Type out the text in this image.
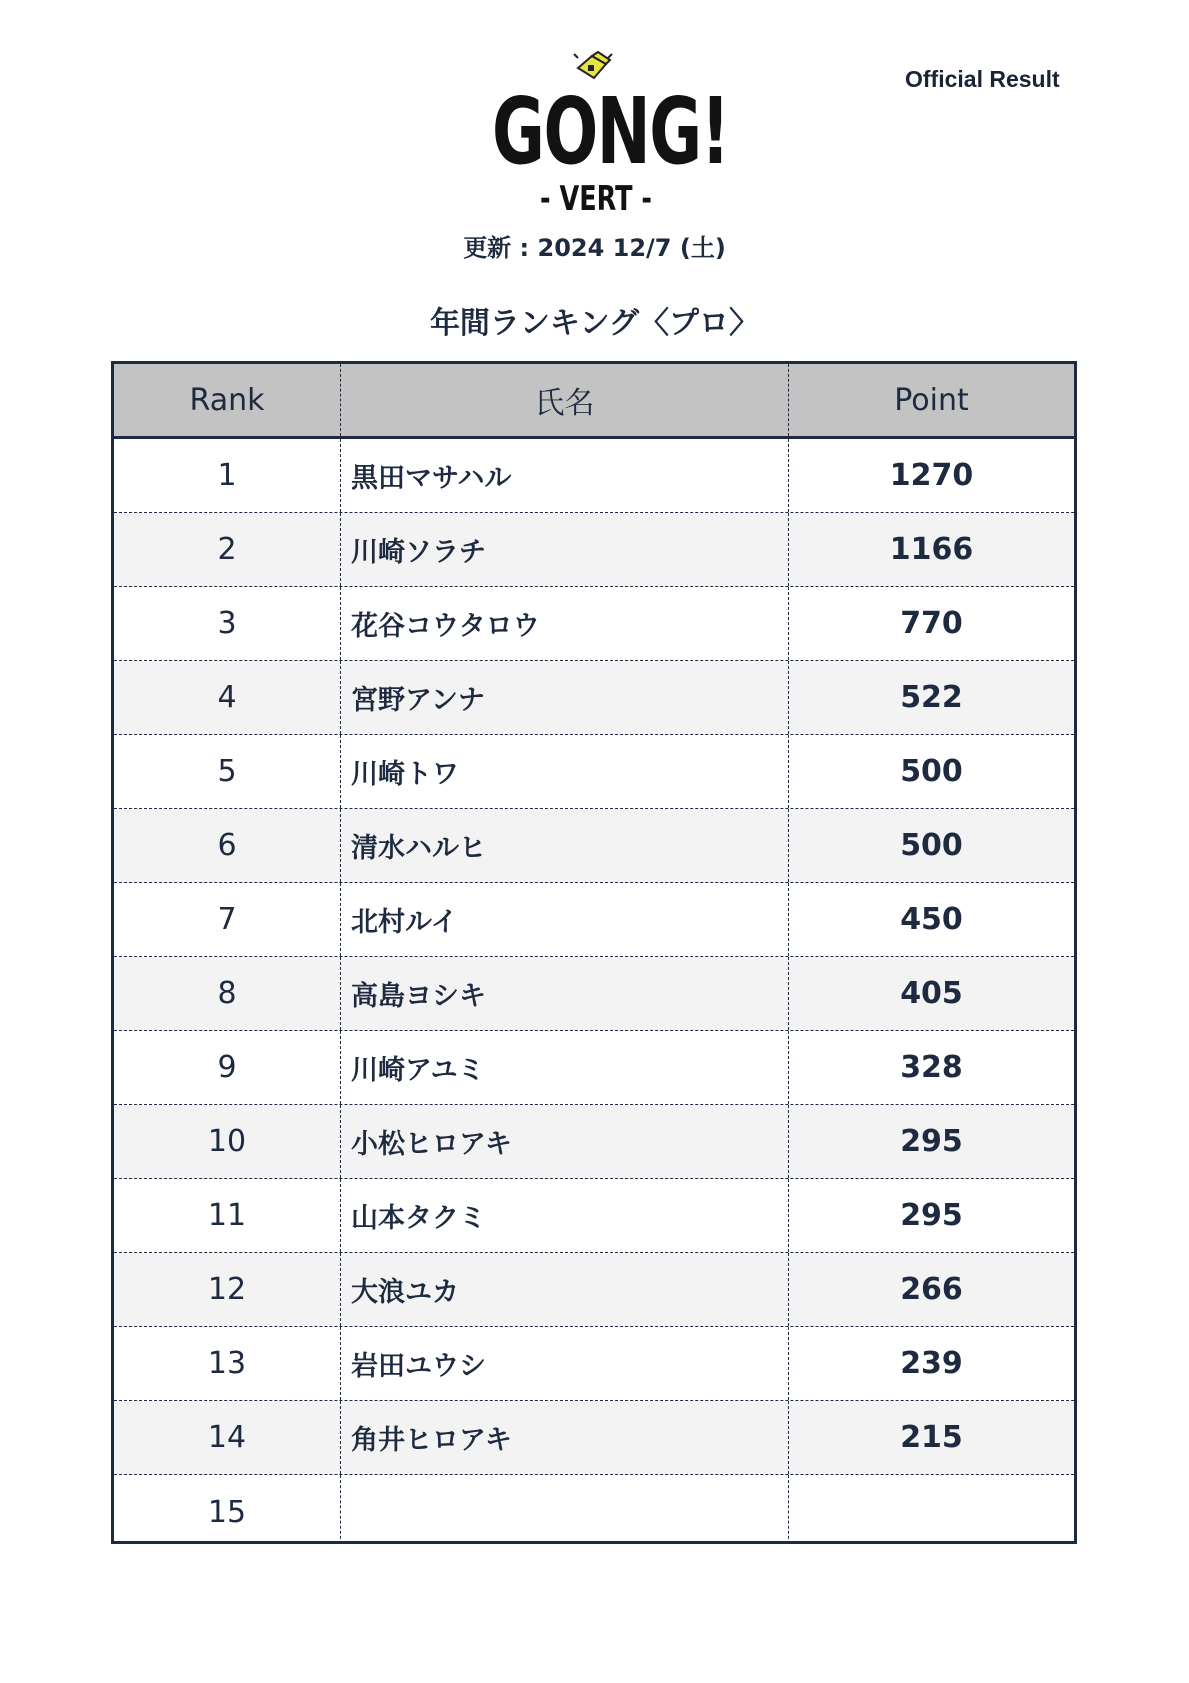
Official Result
GONG!
- VERT -
更新 : 2024 12/7 (土)
年間ランキング〈プロ〉
Rank	氏名	Point
1	黒田マサハル	1270
2	川崎ソラチ	1166
3	花谷コウタロウ	770
4	宮野アンナ	522
5	川崎トワ	500
6	清水ハルヒ	500
7	北村ルイ	450
8	高島ヨシキ	405
9	川崎アユミ	328
10	小松ヒロアキ	295
11	山本タクミ	295
12	大浪ユカ	266
13	岩田ユウシ	239
14	角井ヒロアキ	215
15
